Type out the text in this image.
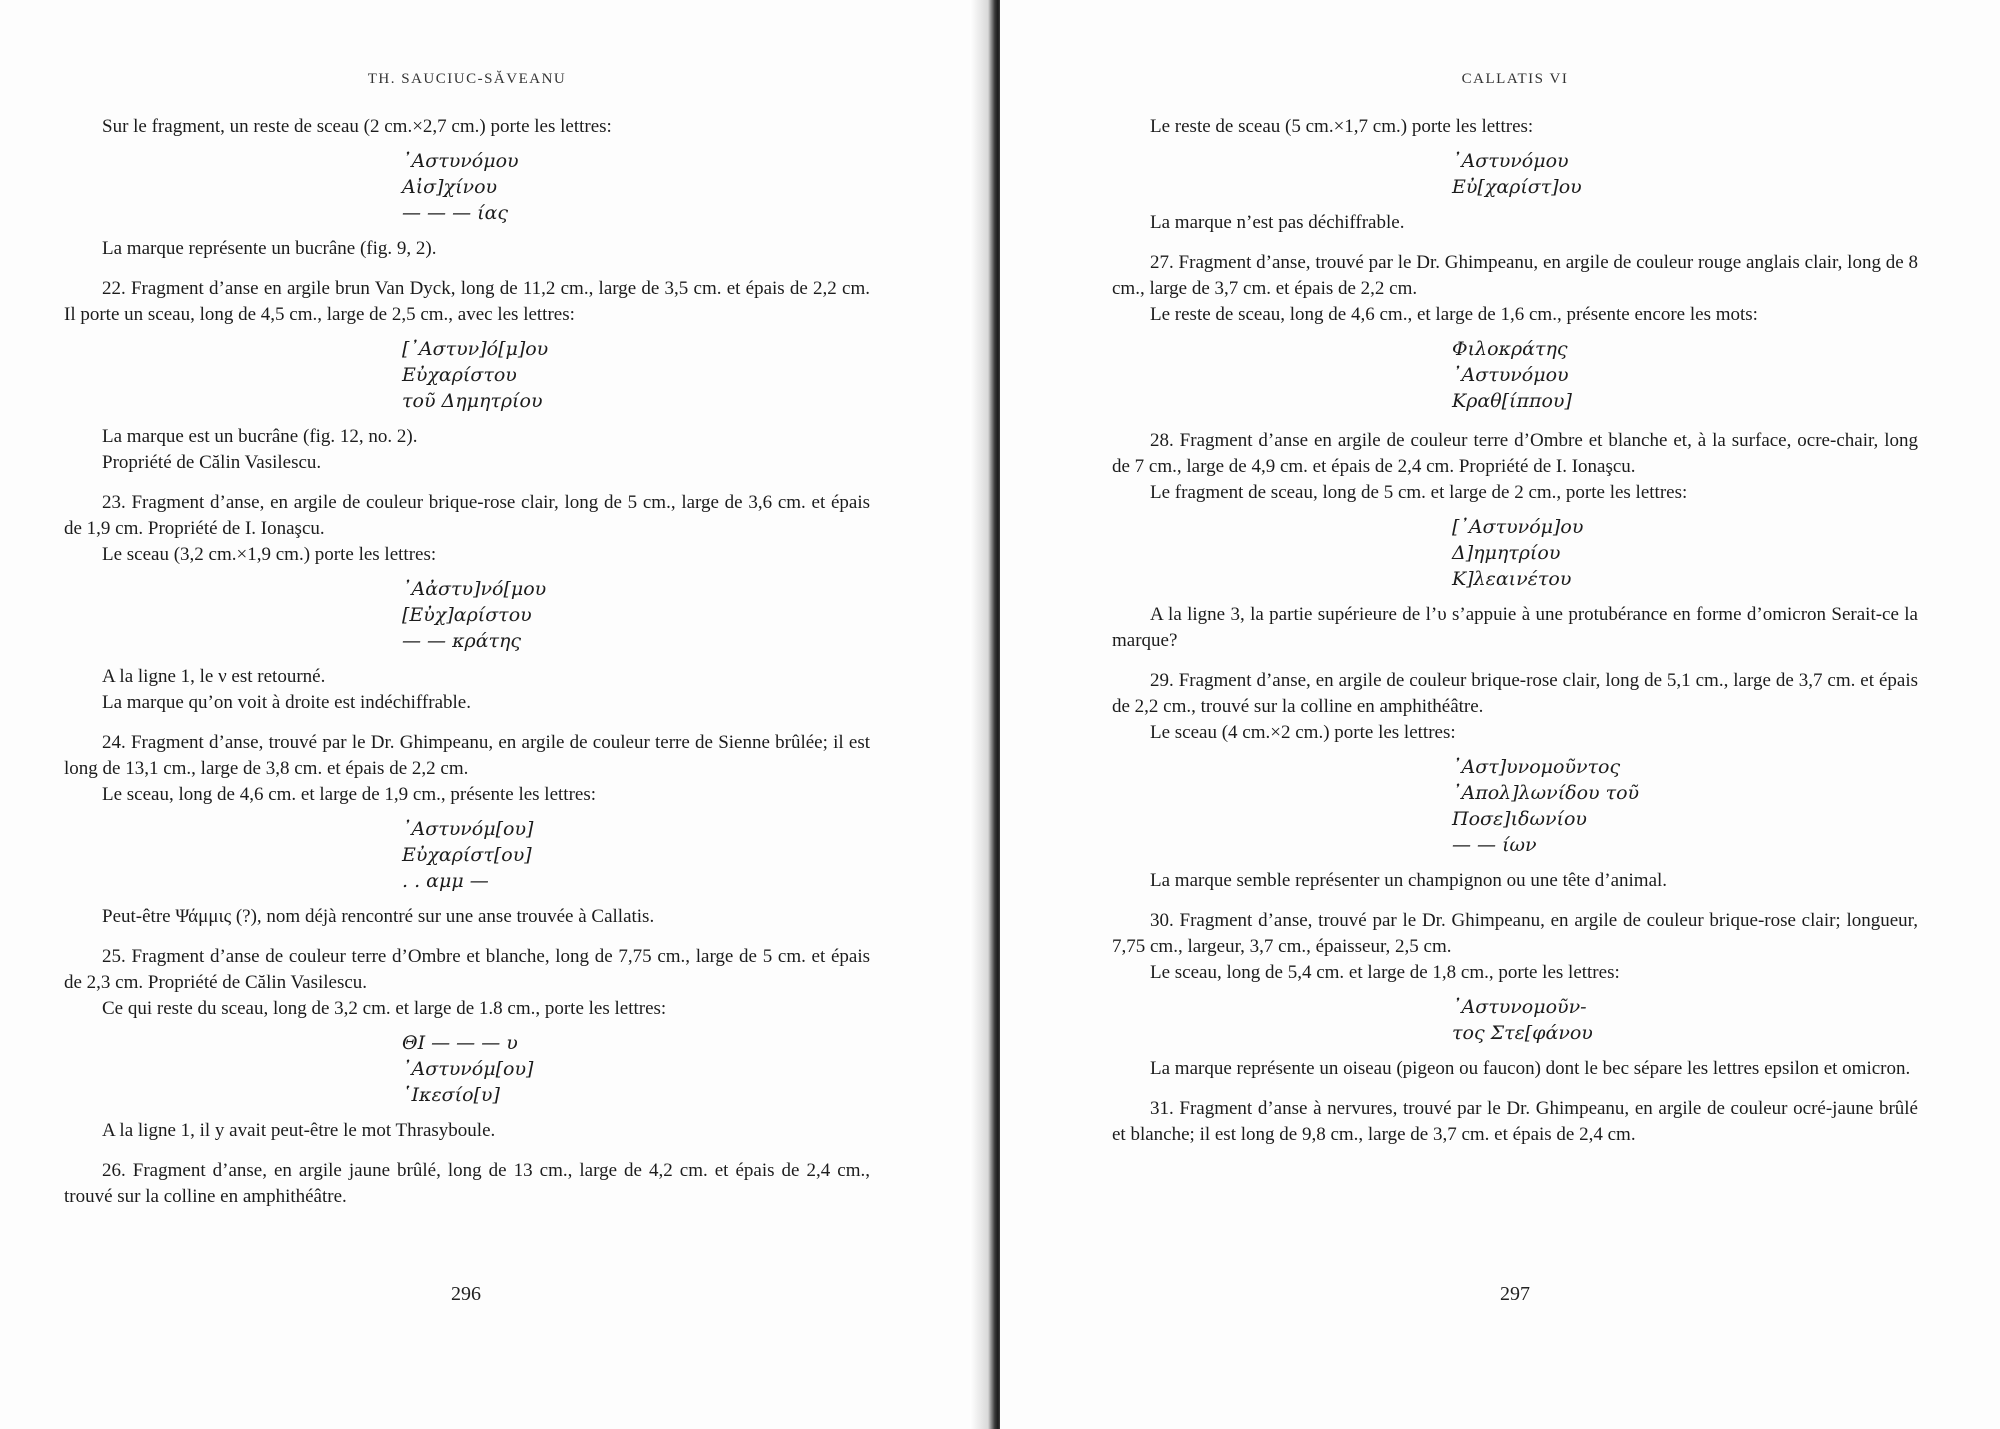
TH. SAUCIUC-SĂVEANU

Sur le fragment, un reste de sceau (2 cm.×2,7 cm.) porte les lettres:

᾿Αστυνόμου
Αἰσ]χίνου
— — — ίας

La marque représente un bucrâne (fig. 9, 2).

22. Fragment d’anse en argile brun Van Dyck, long de 11,2 cm., large de 3,5 cm. et épais de 2,2 cm. Il porte un sceau, long de 4,5 cm., large de 2,5 cm., avec les lettres:

[᾿Αστυν]ό[μ]ου
Εὐχαρίστου
τοῦ Δημητρίου

La marque est un bucrâne (fig. 12, no. 2).

Propriété de Călin Vasilescu.

23. Fragment d’anse, en argile de couleur brique-rose clair, long de 5 cm., large de 3,6 cm. et épais de 1,9 cm. Propriété de I. Ionaşcu.

Le sceau (3,2 cm.×1,9 cm.) porte les lettres:

᾿Αἀστυ]νό[μου
[Εὐχ]αρίστου
— — κράτης

A la ligne 1, le ν est retourné.

La marque qu’on voit à droite est indéchiffrable.

24. Fragment d’anse, trouvé par le Dr. Ghimpeanu, en argile de couleur terre de Sienne brûlée; il est long de 13,1 cm., large de 3,8 cm. et épais de 2,2 cm.

Le sceau, long de 4,6 cm. et large de 1,9 cm., présente les lettres:

᾿Αστυνόμ[ου]
Εὐχαρίστ[ου]
. . αμμ —

Peut-être Ψάμμις (?), nom déjà rencontré sur une anse trouvée à Callatis.

25. Fragment d’anse de couleur terre d’Ombre et blanche, long de 7,75 cm., large de 5 cm. et épais de 2,3 cm. Propriété de Călin Vasilescu.

Ce qui reste du sceau, long de 3,2 cm. et large de 1.8 cm., porte les lettres:

ΘΙ — — — υ
᾿Αστυνόμ[ου]
῾Ικεσίο[υ]

A la ligne 1, il y avait peut-être le mot Thrasyboule.

26. Fragment d’anse, en argile jaune brûlé, long de 13 cm., large de 4,2 cm. et épais de 2,4 cm., trouvé sur la colline en amphithéâtre.

296
CALLATIS VI

Le reste de sceau (5 cm.×1,7 cm.) porte les lettres:

᾿Αστυνόμου
Εὐ[χαρίστ]ου

La marque n’est pas déchiffrable.

27. Fragment d’anse, trouvé par le Dr. Ghimpeanu, en argile de couleur rouge anglais clair, long de 8 cm., large de 3,7 cm. et épais de 2,2 cm.

Le reste de sceau, long de 4,6 cm., et large de 1,6 cm., présente encore les mots:

Φιλοκράτης
᾿Αστυνόμου
Κραθ[ίππου]

28. Fragment d’anse en argile de couleur terre d’Ombre et blanche et, à la surface, ocre-chair, long de 7 cm., large de 4,9 cm. et épais de 2,4 cm. Propriété de I. Ionaşcu.

Le fragment de sceau, long de 5 cm. et large de 2 cm., porte les lettres:

[᾿Αστυνόμ]ου
Δ]ημητρίου
Κ]λεαινέτου

A la ligne 3, la partie supérieure de l’υ s’appuie à une protubérance en forme d’omicron Serait-ce la marque?

29. Fragment d’anse, en argile de couleur brique-rose clair, long de 5,1 cm., large de 3,7 cm. et épais de 2,2 cm., trouvé sur la colline en amphithéâtre.

Le sceau (4 cm.×2 cm.) porte les lettres:

᾿Αστ]υνομοῦντος
᾿Απολ]λωνίδου τοῦ
Ποσε]ιδωνίου
— — ίων

La marque semble représenter un champignon ou une tête d’animal.

30. Fragment d’anse, trouvé par le Dr. Ghimpeanu, en argile de couleur brique-rose clair; longueur, 7,75 cm., largeur, 3,7 cm., épaisseur, 2,5 cm.

Le sceau, long de 5,4 cm. et large de 1,8 cm., porte les lettres:

᾿Αστυνομοῦν-
τος Στε[φάνου

La marque représente un oiseau (pigeon ou faucon) dont le bec sépare les lettres epsilon et omicron.

31. Fragment d’anse à nervures, trouvé par le Dr. Ghimpeanu, en argile de couleur ocré-jaune brûlé et blanche; il est long de 9,8 cm., large de 3,7 cm. et épais de 2,4 cm.

297
